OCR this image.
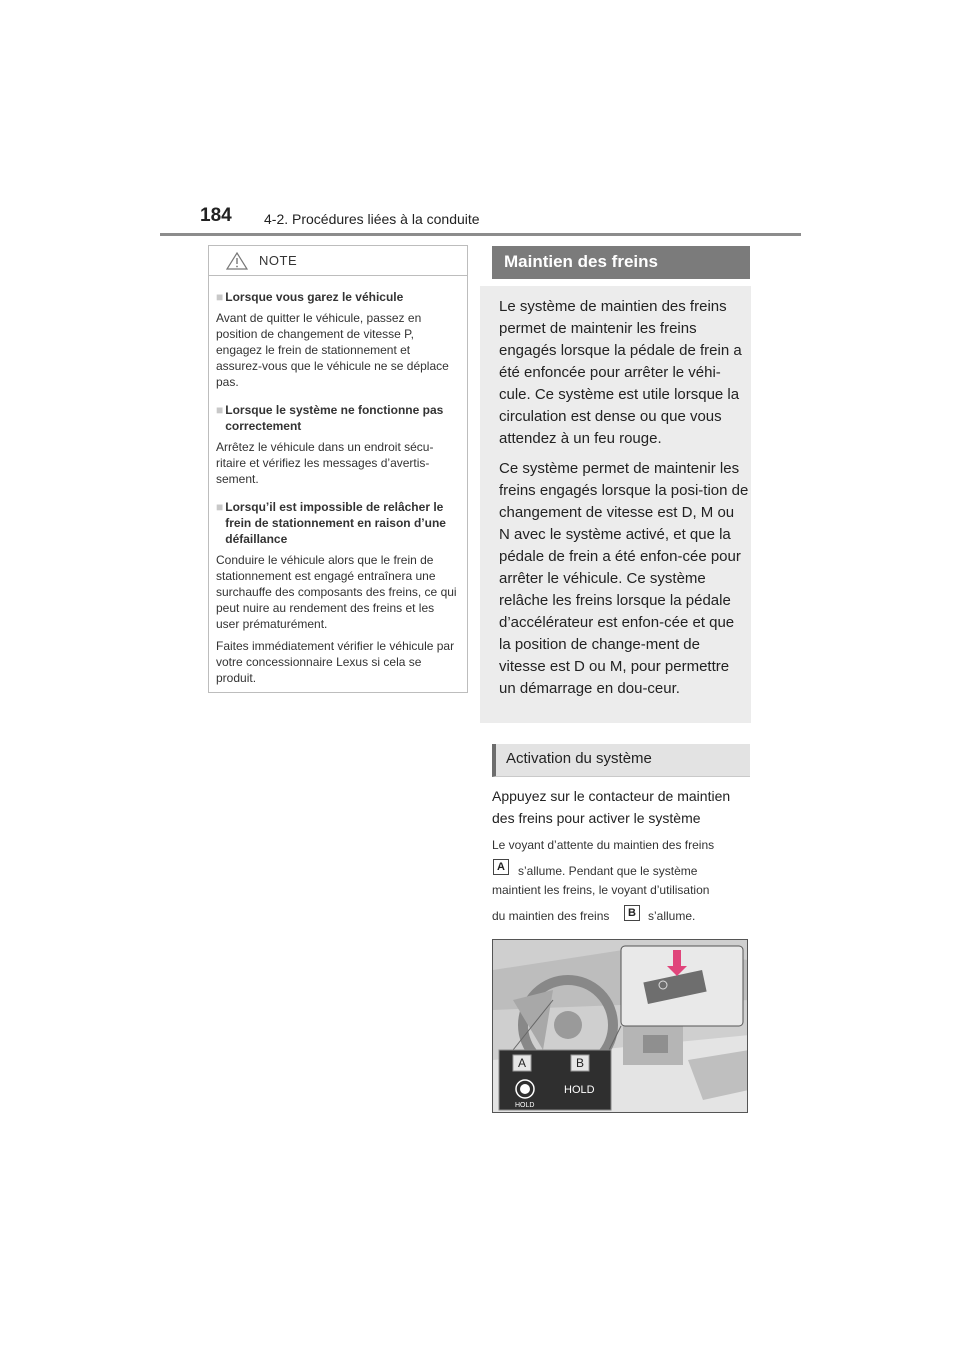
184 4-2. Procédures liées à la conduite
NOTE
■ Lorsque vous garez le véhicule
Avant de quitter le véhicule, passez en position de changement de vitesse P, engagez le frein de stationnement et assurez-vous que le véhicule ne se déplace pas.
■ Lorsque le système ne fonctionne pas correctement
Arrêtez le véhicule dans un endroit sécu-ritaire et vérifiez les messages d’avertis-sement.
■ Lorsqu’il est impossible de relâcher le frein de stationnement en raison d’une défaillance
Conduire le véhicule alors que le frein de stationnement est engagé entraînera une surchauffe des composants des freins, ce qui peut nuire au rendement des freins et les user prématurément.
Faites immédiatement vérifier le véhicule par votre concessionnaire Lexus si cela se produit.
Maintien des freins

Le système de maintien des freins permet de maintenir les freins engagés lorsque la pédale de frein a été enfoncée pour arrêter le véhi-cule. Ce système est utile lorsque la circulation est dense ou que vous attendez à un feu rouge.

Ce système permet de maintenir les freins engagés lorsque la posi-tion de changement de vitesse est D, M ou N avec le système activé, et que la pédale de frein a été enfon-cée pour arrêter le véhicule. Ce système relâche les freins lorsque la pédale d’accélérateur est enfon-cée et que la position de change-ment de vitesse est D ou M, pour permettre un démarrage en dou-ceur.

Activation du système
Appuyez sur le contacteur de maintien des freins pour activer le système
Le voyant d’attente du maintien des freins
A	s’allume. Pendant que le système
maintient les freins, le voyant d’utilisation
du maintien des freins	B	s’allume.
A	B
HOLD
HOLD
